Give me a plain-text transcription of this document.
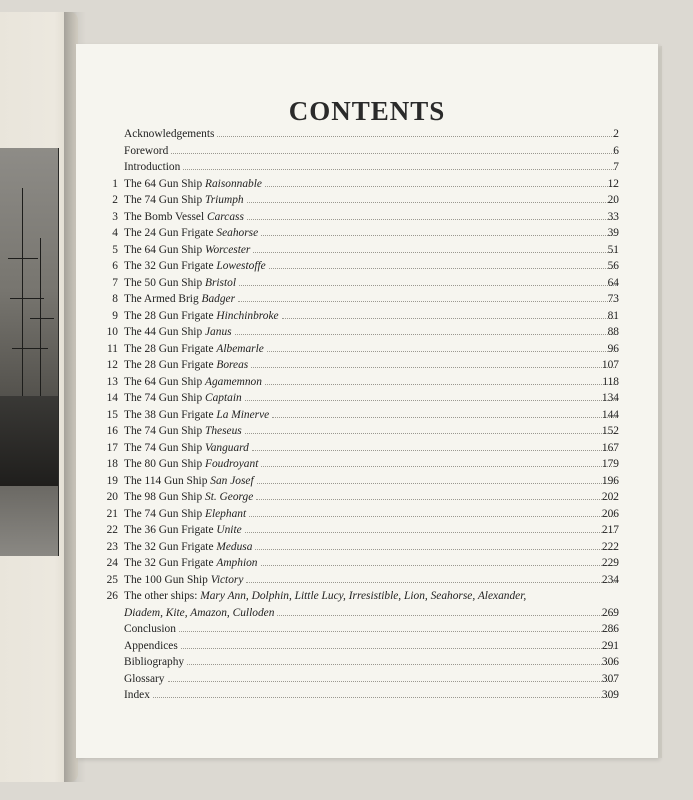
CONTENTS
Acknowledgements	2
Foreword	6
Introduction	7
1 The 64 Gun Ship Raisonnable	12
2 The 74 Gun Ship Triumph	20
3 The Bomb Vessel Carcass	33
4 The 24 Gun Frigate Seahorse	39
5 The 64 Gun Ship Worcester	51
6 The 32 Gun Frigate Lowestoffe	56
7 The 50 Gun Ship Bristol	64
8 The Armed Brig Badger	73
9 The 28 Gun Frigate Hinchinbroke	81
10 The 44 Gun Ship Janus	88
11 The 28 Gun Frigate Albemarle	96
12 The 28 Gun Frigate Boreas	107
13 The 64 Gun Ship Agamemnon	118
14 The 74 Gun Ship Captain	134
15 The 38 Gun Frigate La Minerve	144
16 The 74 Gun Ship Theseus	152
17 The 74 Gun Ship Vanguard	167
18 The 80 Gun Ship Foudroyant	179
19 The 114 Gun Ship San Josef	196
20 The 98 Gun Ship St. George	202
21 The 74 Gun Ship Elephant	206
22 The 36 Gun Frigate Unite	217
23 The 32 Gun Frigate Medusa	222
24 The 32 Gun Frigate Amphion	229
25 The 100 Gun Ship Victory	234
26 The other ships: Mary Ann, Dolphin, Little Lucy, Irresistible, Lion, Seahorse, Alexander,
Diadem, Kite, Amazon, Culloden	269
Conclusion	286
Appendices	291
Bibliography	306
Glossary	307
Index	309
